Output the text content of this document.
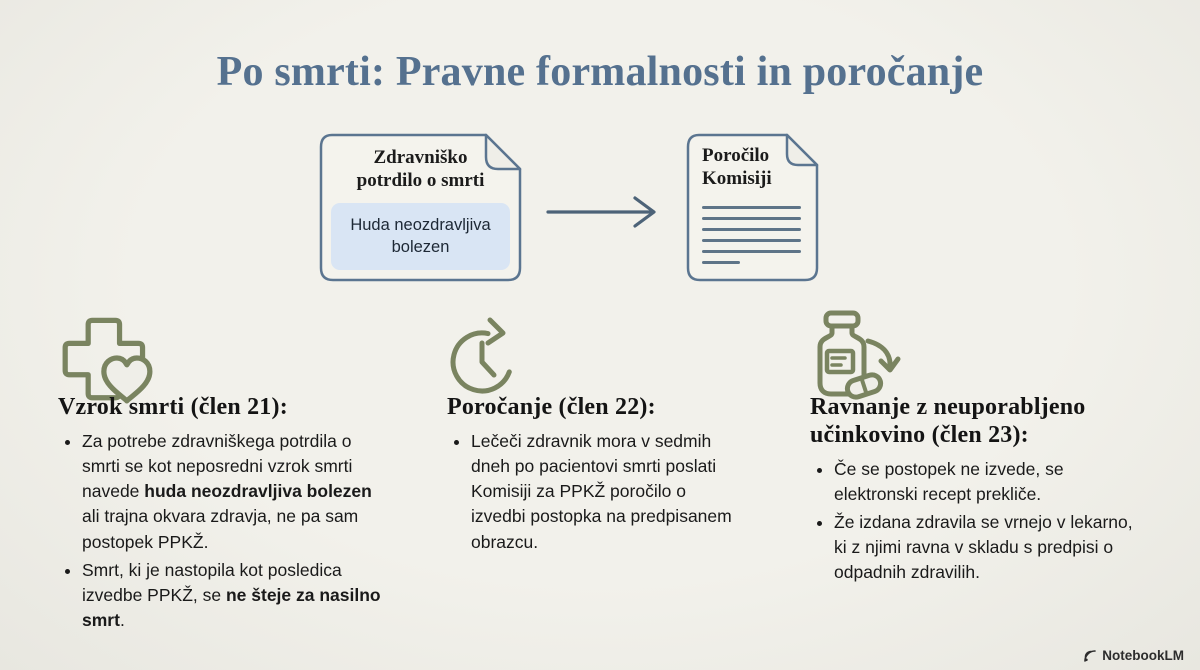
Po smrti: Pravne formalnosti in poročanje
Zdravniško potrdilo o smrti
Huda neozdravljiva bolezen
Poročilo Komisiji
Vzrok smrti (člen 21):
• Za potrebe zdravniškega potrdila o smrti se kot neposredni vzrok smrti navede huda neozdravljiva bolezen ali trajna okvara zdravja, ne pa sam postopek PPKŽ.
• Smrt, ki je nastopila kot posledica izvedbe PPKŽ, se ne šteje za nasilno smrt.
Poročanje (člen 22):
• Lečeči zdravnik mora v sedmih dneh po pacientovi smrti poslati Komisiji za PPKŽ poročilo o izvedbi postopka na predpisanem obrazcu.
Ravnanje z neuporabljeno učinkovino (člen 23):
• Če se postopek ne izvede, se elektronski recept prekliče.
• Že izdana zdravila se vrnejo v lekarno, ki z njimi ravna v skladu s predpisi o odpadnih zdravilih.
NotebookLM
